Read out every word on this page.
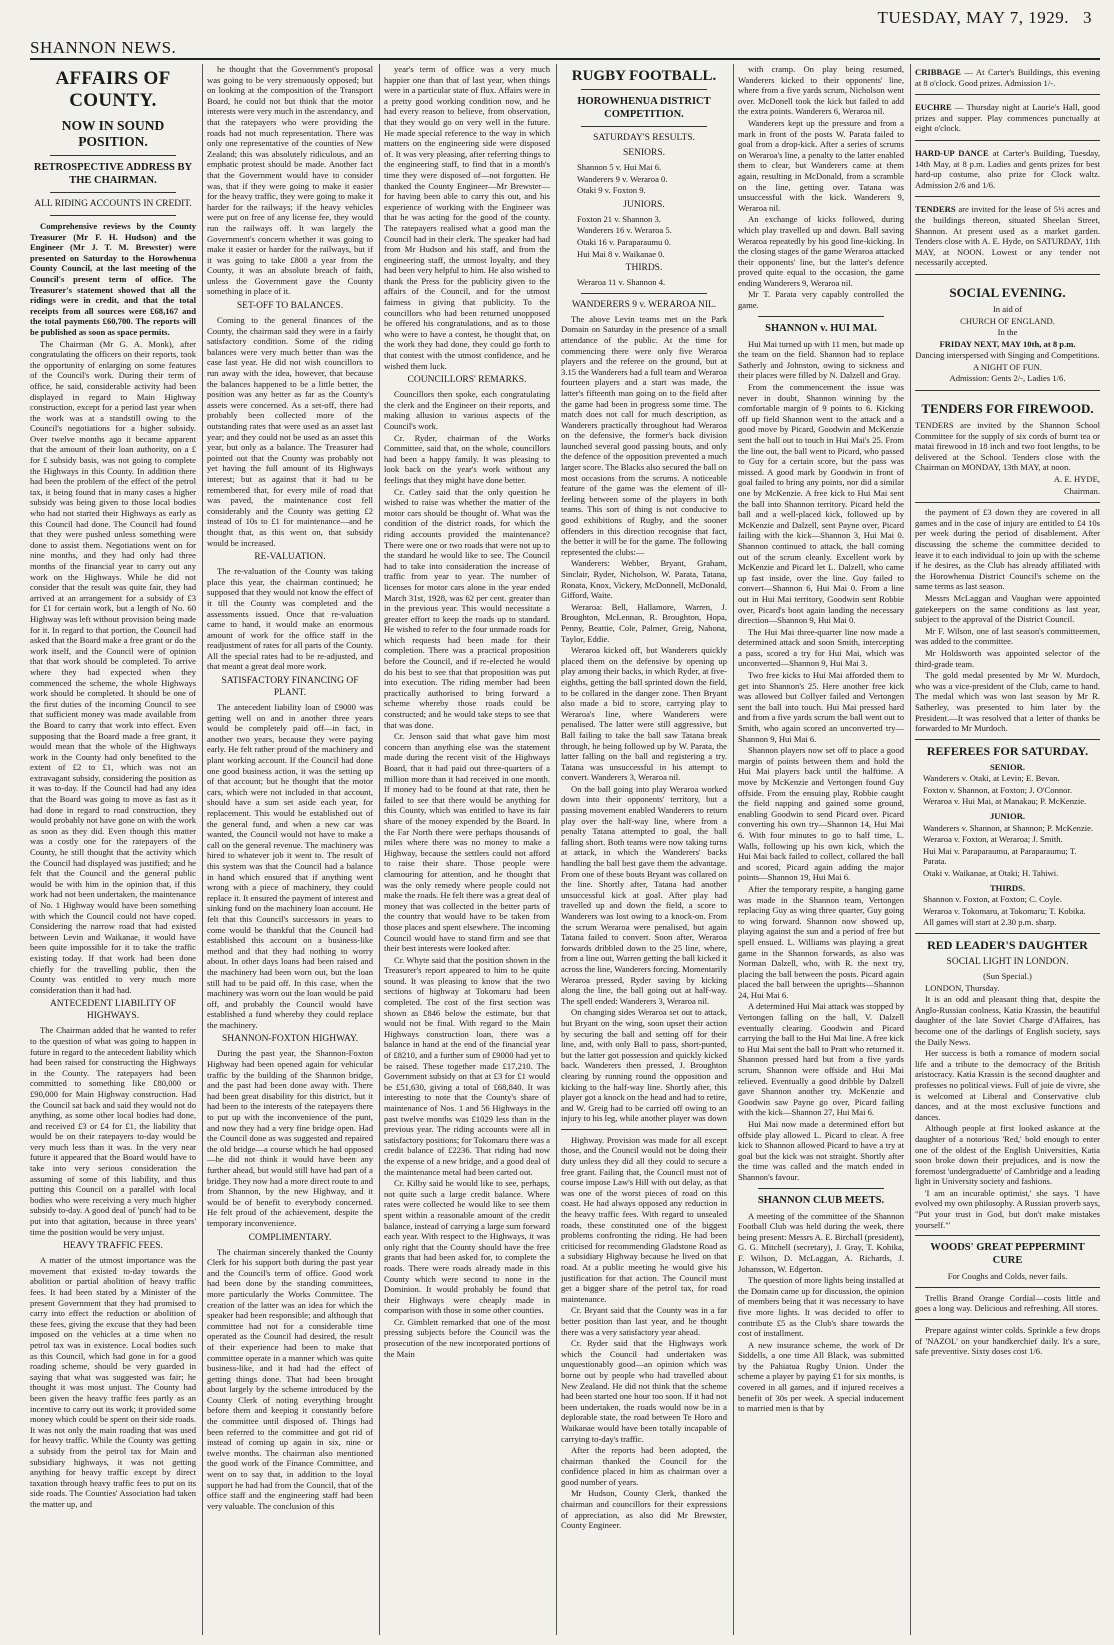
TUESDAY, MAY 7, 1929. 3
SHANNON NEWS.
AFFAIRS OF COUNTY.
NOW IN SOUND POSITION.
RETROSPECTIVE ADDRESS BY THE CHAIRMAN.
ALL RIDING ACCOUNTS IN CREDIT.

Comprehensive reviews by the County Treasurer (Mr F. H. Hudson) and the Engineer (Mr J. T. M. Brewster) were presented on Saturday to the Horowhenua County Council, at the last meeting of the Council's present term of office. The Treasurer's statement showed that all the ridings were in credit, and that the total receipts from all sources were £68,167 and the total payments £60,700. The reports will be published as soon as space permits.

The Chairman (Mr G. A. Monk), after congratulating the officers on their reports, took the opportunity of enlarging on some features of the Council's work. During their term of office, he said, considerable activity had been displayed in regard to Main Highway construction, except for a period last year when the work was at a standstill owing to the Council's negotiations for a higher subsidy. Over twelve months ago it became apparent that the amount of their loan authority, on a £ for £ subsidy basis, was not going to complete the Highways in this County. In addition there had been the problem of the effect of the petrol tax, it being found that in many cases a higher subsidy was being given to those local bodies who had not started their Highways as early as this Council had done. The Council had found that they were pushed unless something were done to assist them. Negotiations went on for nine months, and they had only had three months of the financial year to carry out any work on the Highways. While he did not consider that the result was quite fair, they had arrived at an arrangement for a subsidy of £3 for £1 for certain work, but a length of No. 60 Highway was left without provision being made for it. In regard to that portion, the Council had asked that the Board make a free grant or do the work itself, and the Council were of opinion that that work should be completed. To arrive where they had expected when they commenced the scheme, the whole Highways work should be completed. It should be one of the first duties of the incoming Council to see that sufficient money was made available from the Board to carry that work into effect. Even supposing that the Board made a free grant, it would mean that the whole of the Highways work in the County had only benefited to the extent of £2 to £1, which was not an extravagant subsidy, considering the position as it was to-day. If the Council had had any idea that the Board was going to move as fast as it had done in regard to road construction, they would probably not have gone on with the work as soon as they did. Even though this matter was a costly one for the ratepayers of the County, he still thought that the activity which the Council had displayed was justified; and he felt that the Council and the general public would be with him in the opinion that, if this work had not been undertaken, the maintenance of No. 1 Highway would have been something with which the Council could not have coped. Considering the narrow road that had existed between Levin and Waikanae, it would have been quite impossible for it to take the traffic existing today. If that work had been done chiefly for the travelling public, then the County was entitled to very much more consideration than it had had.

ANTECEDENT LIABILITY OF HIGHWAYS.

The Chairman added that he wanted to refer to the question of what was going to happen in future in regard to the antecedent liability which had been raised for constructing the Highways in the County. The ratepayers had been committed to something like £80,000 or £90,000 for Main Highway construction. Had the Council sat back and said they would not do anything, as some other local bodies had done, and received £3 or £4 for £1, the liability that would be on their ratepayers to-day would be very much less than it was. In the very near future it appeared that the Board would have to take into very serious consideration the assuming of some of this liability, and thus putting this Council on a parallel with local bodies who were receiving a very much higher subsidy to-day. A good deal of 'punch' had to be put into that agitation, because in three years' time the position would be very unjust.

HEAVY TRAFFIC FEES.

A matter of the utmost importance was the movement that existed to-day towards the abolition or partial abolition of heavy traffic fees. It had been stated by a Minister of the present Government that they had promised to carry into effect the reduction or abolition of these fees, giving the excuse that they had been imposed on the vehicles at a time when no petrol tax was in existence. Local bodies such as this Council, which had gone in for a good roading scheme, should be very guarded in saying that what was suggested was fair; he thought it was most unjust. The County had been given the heavy traffic fees partly as an incentive to carry out its work; it provided some money which could be spent on their side roads. It was not only the main roading that was used for heavy traffic. While the County was getting a subsidy from the petrol tax for Main and subsidiary highways, it was not getting anything for heavy traffic except by direct taxation through heavy traffic fees to put on its side roads. The Counties' Association had taken the matter up, and

he thought that the Government's proposal was going to be very strenuously opposed; but on looking at the composition of the Transport Board, he could not but think that the motor interests were very much in the ascendancy, and that the ratepayers who were providing the roads had not much representation. There was only one representative of the counties of New Zealand; this was absolutely ridiculous, and an emphatic protest should be made. Another fact that the Government would have to consider was, that if they were going to make it easier for the heavy traffic, they were going to make it harder for the railways; if the heavy vehicles were put on free of any license fee, they would run the railways off. It was largely the Government's concern whether it was going to make it easier or harder for the railways, but if it was going to take £800 a year from the County, it was an absolute breach of faith, unless the Government gave the County something in place of it.

SET-OFF TO BALANCES.

Coming to the general finances of the County, the chairman said they were in a fairly satisfactory condition. Some of the riding balances were very much better than was the case last year. He did not wish councillors to run away with the idea, however, that because the balances happened to be a little better, the position was any better as far as the County's assets were concerned. As a set-off, there had probably been collected more of the outstanding rates that were used as an asset last year; and they could not be used as an asset this year, but only as a balance. The Treasurer had pointed out that the County was probably not yet having the full amount of its Highways interest; but as against that it had to be remembered that, for every mile of road that was paved, the maintenance cost fell considerably and the County was getting £2 instead of 10s to £1 for maintenance—and he thought that, as this went on, that subsidy would be increased.

RE-VALUATION.

The re-valuation of the County was taking place this year, the chairman continued; he supposed that they would not know the effect of it till the County was completed and the assessments issued. Once that re-valuation came to hand, it would make an enormous amount of work for the office staff in the readjustment of rates for all parts of the County. All the special rates had to be re-adjusted, and that meant a great deal more work.

SATISFACTORY FINANCING OF PLANT.

The antecedent liability loan of £9000 was getting well on and in another three years would be completely paid off—in fact, in another two years, because they were paying early. He felt rather proud of the machinery and plant working account. If the Council had done one good business action, it was the setting up of that account; but he thought that the motor cars, which were not included in that account, should have a sum set aside each year, for replacement. This would be established out of the general fund, and when a new car was wanted, the Council would not have to make a call on the general revenue. The machinery was hired to whatever job it went to. The result of this system was that the Council had a balance in hand which ensured that if anything went wrong with a piece of machinery, they could replace it. It ensured the payment of interest and sinking fund on the machinery loan account. He felt that this Council's successors in years to come would be thankful that the Council had established this account on a business-like method and that they had nothing to worry about. In other days loans had been raised and the machinery had been worn out, but the loan still had to be paid off. In this case, when the machinery was worn out the loan would be paid off, and probably the Council would have established a fund whereby they could replace the machinery.

SHANNON-FOXTON HIGHWAY.

During the past year, the Shannon-Foxton Highway had been opened again for vehicular traffic by the building of the Shannon bridge, and the past had been done away with. There had been great disability for this district, but it had been to the interests of the ratepayers there to put up with the inconvenience of the punt, and now they had a very fine bridge open. Had the Council done as was suggested and repaired the old bridge—a course which he had opposed—he did not think it would have been any further ahead, but would still have had part of a bridge. They now had a more direct route to and from Shannon, by the new Highway, and it would be of benefit to everybody concerned. He felt proud of the achievement, despite the temporary inconvenience.

COMPLIMENTARY.

The chairman sincerely thanked the County Clerk for his support both during the past year and the Council's term of office. Good work had been done by the standing committees, more particularly the Works Committee. The creation of the latter was an idea for which the speaker had been responsible; and although that committee had not for a considerable time operated as the Council had desired, the result of their experience had been to make that committee operate in a manner which was quite business-like, and it had had the effect of getting things done. That had been brought about largely by the scheme introduced by the County Clerk of noting everything brought before them and keeping it constantly before the committee until disposed of. Things had been referred to the committee and got rid of instead of coming up again in six, nine or twelve months. The chairman also mentioned the good work of the Finance Committee, and went on to say that, in addition to the loyal support he had had from the Council, that of the office staff and the engineering staff had been very valuable. The conclusion of this

year's term of office was a very much happier one than that of last year, when things were in a particular state of flux. Affairs were in a pretty good working condition now, and he had every reason to believe, from observation, that they would go on very well in the future. He made special reference to the way in which matters on the engineering side were disposed of. It was very pleasing, after referring things to the engineering staff, to find that in a month's time they were disposed of—not forgotten. He thanked the County Engineer—Mr Brewster—for having been able to carry this out, and his experience of working with the Engineer was that he was acting for the good of the county. The ratepayers realised what a good man the Council had in their clerk. The speaker had had from Mr Hudson and his staff, and from the engineering staff, the utmost loyalty, and they had been very helpful to him. He also wished to thank the Press for the publicity given to the affairs of the Council, and for the utmost fairness in giving that publicity. To the councillors who had been returned unopposed he offered his congratulations, and as to those who were to have a contest, he thought that, on the work they had done, they could go forth to that contest with the utmost confidence, and he wished them luck.

COUNCILLORS' REMARKS.

Councillors then spoke, each congratulating the clerk and the Engineer on their reports, and making allusion to various aspects of the Council's work.

Cr. Ryder, chairman of the Works Committee, said that, on the whole, councillors had been a happy family. It was pleasing to look back on the year's work without any feelings that they might have done better.

Cr. Catley said that the only question he wished to raise was whether the matter of the motor cars should be thought of. What was the condition of the district roads, for which the riding accounts provided the maintenance? There were one or two roads that were not up to the standard he would like to see. The Council had to take into consideration the increase of traffic from year to year. The number of licenses for motor cars alone in the year ended March 31st, 1928, was 62 per cent. greater than in the previous year. This would necessitate a greater effort to keep the roads up to standard. He wished to refer to the four unmade roads for which requests had been made for their completion. There was a practical proposition before the Council, and if re-elected he would do his best to see that that proposition was put into execution. The riding member had been practically authorised to bring forward a scheme whereby those roads could be constructed; and he would take steps to see that that was done.

Cr. Jenson said that what gave him most concern than anything else was the statement made during the recent visit of the Highways Board, that it had paid out three-quarters of a million more than it had received in one month. If money had to be found at that rate, then he failed to see that there would be anything for this County, which was entitled to have its fair share of the money expended by the Board. In the Far North there were perhaps thousands of miles where there was no money to make a Highway, because the settlers could not afford to raise their share. Those people were clamouring for attention, and he thought that was the only remedy where people could not make the roads. He felt there was a great deal of money that was collected in the better parts of the country that would have to be taken from those places and spent elsewhere. The incoming Council would have to stand firm and see that their best interests were looked after.

Cr. Whyte said that the position shown in the Treasurer's report appeared to him to be quite sound. It was pleasing to know that the two sections of highway at Tokomaru had been completed. The cost of the first section was shown as £846 below the estimate, but that would not be final. With regard to the Main Highways construction loan, there was a balance in hand at the end of the financial year of £8210, and a further sum of £9000 had yet to be raised. These together made £17,210. The Government subsidy on that at £3 for £1 would be £51,630, giving a total of £68,840. It was interesting to note that the County's share of maintenance of Nos. 1 and 56 Highways in the past twelve months was £1029 less than in the previous year. The riding accounts were all in satisfactory positions; for Tokomaru there was a credit balance of £2236. That riding had now the expense of a new bridge, and a good deal of the maintenance metal had been carted out.

Cr. Kilby said he would like to see, perhaps, not quite such a large credit balance. Where rates were collected he would like to see them spent within a reasonable amount of the credit balance, instead of carrying a large sum forward each year. With respect to the Highways, it was only right that the County should have the free grants that had been asked for, to complete the roads. There were roads already made in this County which were second to none in the Dominion. It would probably be found that their Highways were cheaply made in comparison with those in some other counties.

Cr. Gimblett remarked that one of the most pressing subjects before the Council was the prosecution of the new incorporated portions of the Main

RUGBY FOOTBALL.
HOROWHENUA DISTRICT COMPETITION.
SATURDAY'S RESULTS.
SENIORS.

Shannon 5 v. Hui Mai 6.

Wanderers 9 v. Weraroa 0.

Otaki 9 v. Foxton 9.

JUNIORS.

Foxton 21 v. Shannon 3.

Wanderers 16 v. Weraroa 5.

Otaki 16 v. Paraparaumu 0.

Hui Mai 8 v. Waikanae 0.

THIRDS.

Weraroa 11 v. Shannon 4.

WANDERERS 9 v. WERAROA NIL.

The above Levin teams met on the Park Domain on Saturday in the presence of a small attendance of the public. At the time for commencing there were only five Weraroa players and the referee on the ground, but at 3.15 the Wanderers had a full team and Weraroa fourteen players and a start was made, the latter's fifteenth man going on to the field after the game had been in progress some time. The match does not call for much description, as Wanderers practically throughout had Weraroa on the defensive, the former's back division launched several good passing bouts, and only the defence of the opposition prevented a much larger score. The Blacks also secured the ball on most occasions from the scrums. A noticeable feature of the game was the element of ill-feeling between some of the players in both teams. This sort of thing is not conducive to good exhibitions of Rugby, and the sooner offenders in this direction recognise that fact, the better it will be for the game. The following represented the clubs:—

Wanderers: Webber, Bryant, Graham, Sinclair, Ryder, Nicholson, W. Parata, Tatana, Ronata, Knox, Vickery, McDonnell, McDonald, Gifford, Waite.

Weraroa: Bell, Hallamore, Warren, J. Broughton, McLennan, R. Broughton, Hopa, Penny, Beattie, Cole, Palmer, Greig, Nahona, Taylor, Eddie.

Weraroa kicked off, but Wanderers quickly placed them on the defensive by opening up play among their backs, in which Ryder, at five-eighths, getting the ball sprinted down the field, to be collared in the danger zone. Then Bryant also made a bid to score, carrying play to Weraroa's line, where Wanderers were penalised. The latter were still aggressive, but Ball failing to take the ball saw Tatana break through, he being followed up by W. Parata, the latter falling on the ball and registering a try. Tatana was unsuccessful in his attempt to convert. Wanderers 3, Weraroa nil.

On the ball going into play Weraroa worked down into their opponents' territory, but a passing movement enabled Wanderers to return play over the half-way line, where from a penalty Tatana attempted to goal, the ball falling short. Both teams were now taking turns at attack, in which the Wanderers' backs handling the ball best gave them the advantage. From one of these bouts Bryant was collared on the line. Shortly after, Tatana had another unsuccessful kick at goal. After play had travelled up and down the field, a score to Wanderers was lost owing to a knock-on. From the scrum Weraroa were penalised, but again Tatana failed to convert. Soon after, Weraroa forwards dribbled down to the 25 line, where, from a line out, Warren getting the ball kicked it across the line, Wanderers forcing. Momentarily Weraroa pressed, Ryder saving by kicking along the line, the ball going out at half-way. The spell ended: Wanderers 3, Weraroa nil.

On changing sides Weraroa set out to attack, but Bryant on the wing, soon upset their action by securing the ball and setting off for their line, and, with only Ball to pass, short-punted, but the latter got possession and quickly kicked back. Wanderers then pressed, J. Broughton clearing by running round the opposition and kicking to the half-way line. Shortly after, this player got a knock on the head and had to retire, and W. Greig had to be carried off owing to an injury to his leg, while another player was down

Highway. Provision was made for all except those, and the Council would not be doing their duty unless they did all they could to secure a free grant. Failing that, the Council must not of course impose Law's Hill with out delay, as that was one of the worst pieces of road on this coast. He had always opposed any reduction in the heavy traffic fees. With regard to unsealed roads, these constituted one of the biggest problems confronting the riding. He had been criticised for recommending Gladstone Road as a subsidiary Highway because he lived on that road. At a public meeting he would give his justification for that action. The Council must get a bigger share of the petrol tax, for road maintenance.

Cr. Bryant said that the County was in a far better position than last year, and he thought there was a very satisfactory year ahead.

Cr. Ryder said that the Highways work which the Council had undertaken was unquestionably good—an opinion which was borne out by people who had travelled about New Zealand. He did not think that the scheme had been started one hour too soon. If it had not been undertaken, the roads would now be in a deplorable state, the road between Te Horo and Waikanae would have been totally incapable of carrying to-day's traffic.

After the reports had been adopted, the chairman thanked the Council for the confidence placed in him as chairman over a good number of years.

Mr Hudson, County Clerk, thanked the chairman and councillors for their expressions of appreciation, as also did Mr Brewster, County Engineer.

with cramp. On play being resumed, Wanderers kicked to their opponents' line, where from a five yards scrum, Nicholson went over. McDonell took the kick but failed to add the extra points. Wanderers 6, Weraroa nil.

Wanderers kept up the pressure and from a mark in front of the posts W. Parata failed to goal from a drop-kick. After a series of scrums on Weraroa's line, a penalty to the latter enabled them to clear, but Wanderers came at them again, resulting in McDonald, from a scramble on the line, getting over. Tatana was unsuccessful with the kick. Wanderers 9, Weraroa nil.

An exchange of kicks followed, during which play travelled up and down. Ball saving Weraroa repeatedly by his good line-kicking. In the closing stages of the game Weraroa attacked their opponents' line, but the latter's defence proved quite equal to the occasion, the game ending Wanderers 9, Weraroa nil.

Mr T. Parata very capably controlled the game.

SHANNON v. HUI MAI.

Hui Mai turned up with 11 men, but made up the team on the field. Shannon had to replace Satherly and Johnston, owing to sickness and their places were filled by N. Dalzell and Gray.

From the commencement the issue was never in doubt, Shannon winning by the comfortable margin of 9 points to 6. Kicking off up field Shannon went to the attack and a good move by Picard, Goodwin and McKenzie sent the ball out to touch in Hui Mai's 25. From the line out, the ball went to Picard, who passed to Guy for a certain score, but the pass was missed. A good mark by Goodwin in front of goal failed to bring any points, nor did a similar one by McKenzie. A free kick to Hui Mai sent the ball into Shannon territory. Picard held the ball and a well-placed kick, followed up by McKenzie and Dalzell, sent Payne over, Picard failing with the kick—Shannon 3, Hui Mai 0. Shannon continued to attack, the ball coming out of the scrum cleanly. Excellent work by McKenzie and Picard let L. Dalzell, who came up fast inside, over the line. Guy failed to convert—Shannon 6, Hui Mai 0. From a line out in Hui Mai territory, Goodwin sent Robbie over, Picard's boot again landing the necessary direction—Shannon 9, Hui Mai 0.

The Hui Mai three-quarter line now made a determined attack and soon Smith, intercepting a pass, scored a try for Hui Mai, which was unconverted—Shannon 9, Hui Mai 3.

Two free kicks to Hui Mai afforded them to get into Shannon's 25. Here another free kick was allowed but Collyer failed and Vertongen sent the ball into touch. Hui Mai pressed hard and from a five yards scrum the ball went out to Smith, who again scored an unconverted try—Shannon 9, Hui Mai 6.

Shannon players now set off to place a good margin of points between them and hold the Hui Mai players back until the halftime. A move by McKenzie and Vertongen found Guy offside. From the ensuing play, Robbie caught the field napping and gained some ground, enabling Goodwin to send Picard over. Picard converting his own try—Shannon 14, Hui Mai 6. With four minutes to go to half time, L. Walls, following up his own kick, which the Hui Mai back failed to collect, collared the ball and scored, Picard again adding the major points—Shannon 19, Hui Mai 6.

After the temporary respite, a hanging game was made in the Shannon team, Vertongen replacing Guy as wing three quarter, Guy going to wing forward. Shannon now showed up, playing against the sun and a period of free but spell ensued. L. Williams was playing a great game in the Shannon forwards, as also was Norman Dalzell, who, with R. the next try, placing the ball between the posts. Picard again placed the ball between the uprights—Shannon 24, Hui Mai 6.

A determined Hui Mai attack was stopped by Vertongen falling on the ball, V. Dalzell eventually clearing. Goodwin and Picard carrying the ball to the Hui Mai line. A free kick to Hui Mai sent the ball to Pratt who returned it. Shannon pressed hard but from a five yards scrum, Shannon were offside and Hui Mai relieved. Eventually a good dribble by Dalzell gave Shannon another try. McKenzie and Goodwin saw Payne go over, Picard failing with the kick—Shannon 27, Hui Mai 6.

Hui Mai now made a determined effort but offside play allowed L. Picard to clear. A free kick to Shannon allowed Picard to have a try at goal but the kick was not straight. Shortly after the time was called and the match ended in Shannon's favour.

SHANNON CLUB MEETS.

A meeting of the committee of the Shannon Football Club was held during the week, there being present: Messrs A. E. Birchall (president), G. G. Mitchell (secretary), J. Gray, T. Kobika, F. Wilson, D. McLaggan, A. Richards, J. Johansson, W. Edgerton.

The question of more lights being installed at the Domain came up for discussion, the opinion of members being that it was necessary to have five more lights. It was decided to offer to contribute £5 as the Club's share towards the cost of installment.

A new insurance scheme, the work of Dr Siddells, a one time All Black, was submitted by the Pahiatua Rugby Union. Under the scheme a player by paying £1 for six months, is covered in all games, and if injured receives a benefit of 30s per week. A special inducement to married men is that by

CRIBBAGE — At Carter's Buildings, this evening at 8 o'clock. Good prizes. Admission 1/-.

EUCHRE — Thursday night at Laurie's Hall, good prizes and supper. Play commences punctually at eight o'clock.

HARD-UP DANCE at Carter's Building, Tuesday, 14th May, at 8 p.m. Ladies and gents prizes for best hard-up costume, also prize for Clock waltz. Admission 2/6 and 1/6.

TENDERS are invited for the lease of 5½ acres and the buildings thereon, situated Sheelan Street, Shannon. At present used as a market garden. Tenders close with A. E. Hyde, on SATURDAY, 11th MAY, at NOON. Lowest or any tender not necessarily accepted.

SOCIAL EVENING.

In aid of

CHURCH OF ENGLAND.

In the

FRIDAY NEXT, MAY 10th, at 8 p.m.

Dancing interspersed with Singing and Competitions.

A NIGHT OF FUN.

Admission: Gents 2/-, Ladies 1/6.

TENDERS FOR FIREWOOD.

TENDERS are invited by the Shannon School Committee for the supply of six cords of burnt tea or matai firewood in 18 inch and two foot lengths, to be delivered at the School. Tenders close with the Chairman on MONDAY, 13th MAY, at noon.

A. E. HYDE,

Chairman.

the payment of £3 down they are covered in all games and in the case of injury are entitled to £4 10s per week during the period of disablement. After discussing the scheme the committee decided to leave it to each individual to join up with the scheme if he desires, as the Club has already affiliated with the Horowhenua District Council's scheme on the same terms as last season.

Messrs McLaggan and Vaughan were appointed gatekeepers on the same conditions as last year, subject to the approval of the District Council.

Mr F. Wilson, one of last season's committeemen, was added to the committee.

Mr Holdsworth was appointed selector of the third-grade team.

The gold medal presented by Mr W. Murdoch, who was a vice-president of the Club, came to hand. The medal which was won last season by Mr R. Satherley, was presented to him later by the President.—It was resolved that a letter of thanks be forwarded to Mr Murdoch.

REFEREES FOR SATURDAY.

SENIOR.

Wanderers v. Otaki, at Levin; E. Bevan.

Foxton v. Shannon, at Foxton; J. O'Connor.

Weraroa v. Hui Mai, at Manakau; P. McKenzie.

JUNIOR.

Wanderers v. Shannon, at Shannon; P. McKenzie.

Weraroa v. Foxton, at Weraroa; J. Smith.

Hui Mai v. Paraparaumu, at Paraparaumu; T. Parata.

Otaki v. Waikanae, at Otaki; H. Tahiwi.

THIRDS.

Shannon v. Foxton, at Foxton; C. Coyle.

Weraroa v. Tokomaru, at Tokomaru; T. Kobika.

All games will start at 2.30 p.m. sharp.

RED LEADER'S DAUGHTER
SOCIAL LIGHT IN LONDON.

(Sun Special.)

LONDON, Thursday.

It is an odd and pleasant thing that, despite the Anglo-Russian coolness, Katia Krassin, the beautiful daughter of the late Soviet Charge d'Affaires, has become one of the darlings of English society, says the Daily News.

Her success is both a romance of modern social life and a tribute to the democracy of the British aristocracy. Katia Krassin is the second daughter and professes no political views. Full of joie de vivre, she is welcomed at Liberal and Conservative club dances, and at the most exclusive functions and dances.

Although people at first looked askance at the daughter of a notorious 'Red,' bold enough to enter one of the oldest of the English Universities, Katia soon broke down their prejudices, and is now the foremost 'undergraduette' of Cambridge and a leading light in University society and fashions.

'I am an incurable optimist,' she says. 'I have evolved my own philosophy. A Russian proverb says, "Put your trust in God, but don't make mistakes yourself."'

WOODS' GREAT PEPPERMINT CURE

For Coughs and Colds, never fails.

Trellis Brand Orange Cordial—costs little and goes a long way. Delicious and refreshing. All stores.

Prepare against winter colds. Sprinkle a few drops of 'NAZOL' on your handkerchief daily. It's a sure, safe preventive. Sixty doses cost 1/6.
